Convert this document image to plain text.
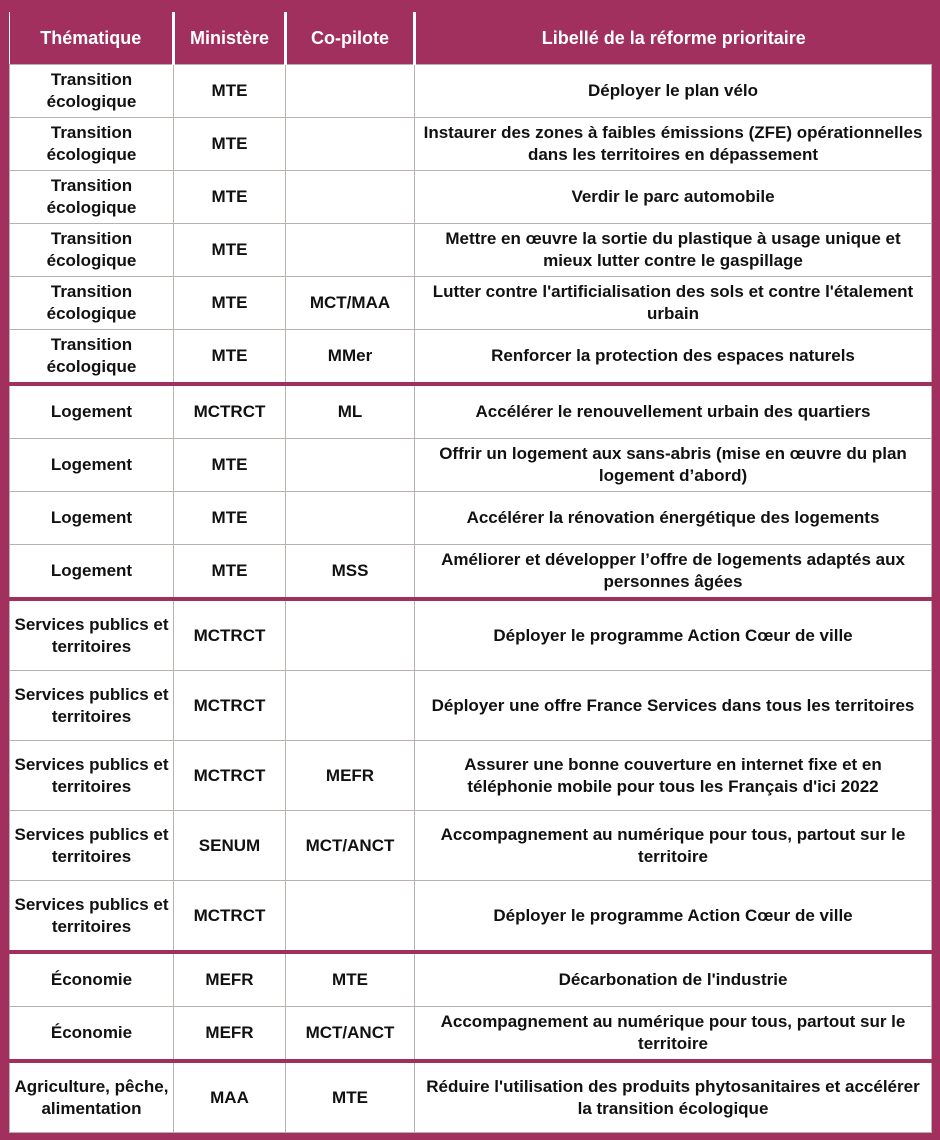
Thématique	Ministère	Co-pilote	Libellé de la réforme prioritaire
Transition écologique	MTE		Déployer le plan vélo
Transition écologique	MTE		Instaurer des zones à faibles émissions (ZFE) opérationnelles dans les territoires en dépassement
Transition écologique	MTE		Verdir le parc automobile
Transition écologique	MTE		Mettre en œuvre la sortie du plastique à usage unique et mieux lutter contre le gaspillage
Transition écologique	MTE	MCT/MAA	Lutter contre l'artificialisation des sols et contre l'étalement urbain
Transition écologique	MTE	MMer	Renforcer la protection des espaces naturels
Logement	MCTRCT	ML	Accélérer le renouvellement urbain des quartiers
Logement	MTE		Offrir un logement aux sans-abris (mise en œuvre du plan logement d’abord)
Logement	MTE		Accélérer la rénovation énergétique des logements
Logement	MTE	MSS	Améliorer et développer l’offre de logements adaptés aux personnes âgées
Services publics et territoires	MCTRCT		Déployer le programme Action Cœur de ville
Services publics et territoires	MCTRCT		Déployer une offre France Services dans tous les territoires
Services publics et territoires	MCTRCT	MEFR	Assurer une bonne couverture en internet fixe et en téléphonie mobile pour tous les Français d'ici 2022
Services publics et territoires	SENUM	MCT/ANCT	Accompagnement au numérique pour tous, partout sur le territoire
Services publics et territoires	MCTRCT		Déployer le programme Action Cœur de ville
Économie	MEFR	MTE	Décarbonation de l'industrie
Économie	MEFR	MCT/ANCT	Accompagnement au numérique pour tous, partout sur le territoire
Agriculture, pêche, alimentation	MAA	MTE	Réduire l'utilisation des produits phytosanitaires et accélérer la transition écologique
